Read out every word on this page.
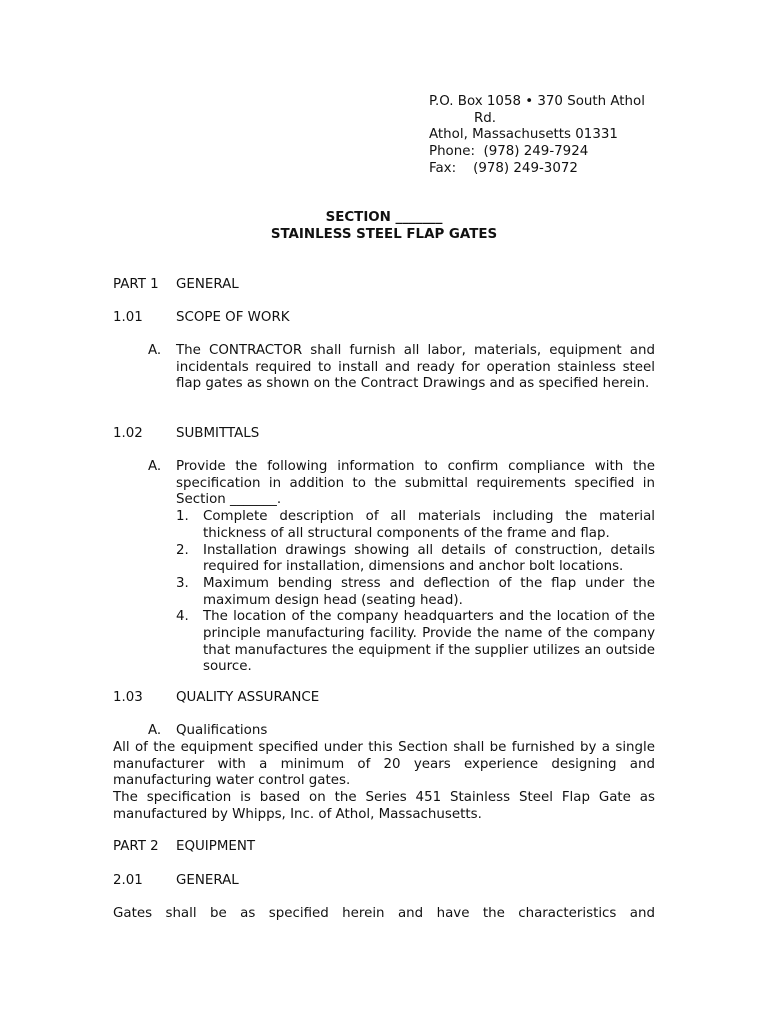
P.O. Box 1058 • 370 South Athol
Rd.
Athol, Massachusetts 01331
Phone:  (978) 249-7924
Fax:    (978) 249-3072
SECTION _______
STAINLESS STEEL FLAP GATES
PART 1 GENERAL
1.01 SCOPE OF WORK
A.	The CONTRACTOR shall furnish all labor, materials, equipment and incidentals required to install and ready for operation stainless steel flap gates as shown on the Contract Drawings and as specified herein.
1.02 SUBMITTALS
A.	Provide the following information to confirm compliance with the specification in addition to the submittal requirements specified in Section _______.
1.	Complete description of all materials including the material thickness of all structural components of the frame and flap.
2.	Installation drawings showing all details of construction, details required for installation, dimensions and anchor bolt locations.
3.	Maximum bending stress and deflection of the flap under the maximum design head (seating head).
4.	The location of the company headquarters and the location of the principle manufacturing facility. Provide the name of the company that manufactures the equipment if the supplier utilizes an outside source.
1.03 QUALITY ASSURANCE
A.	Qualifications
All of the equipment specified under this Section shall be furnished by a single manufacturer with a minimum of 20 years experience designing and manufacturing water control gates.
The specification is based on the Series 451 Stainless Steel Flap Gate as manufactured by Whipps, Inc. of Athol, Massachusetts.
PART 2 EQUIPMENT
2.01 GENERAL
Gates shall be as specified herein and have the characteristics and
